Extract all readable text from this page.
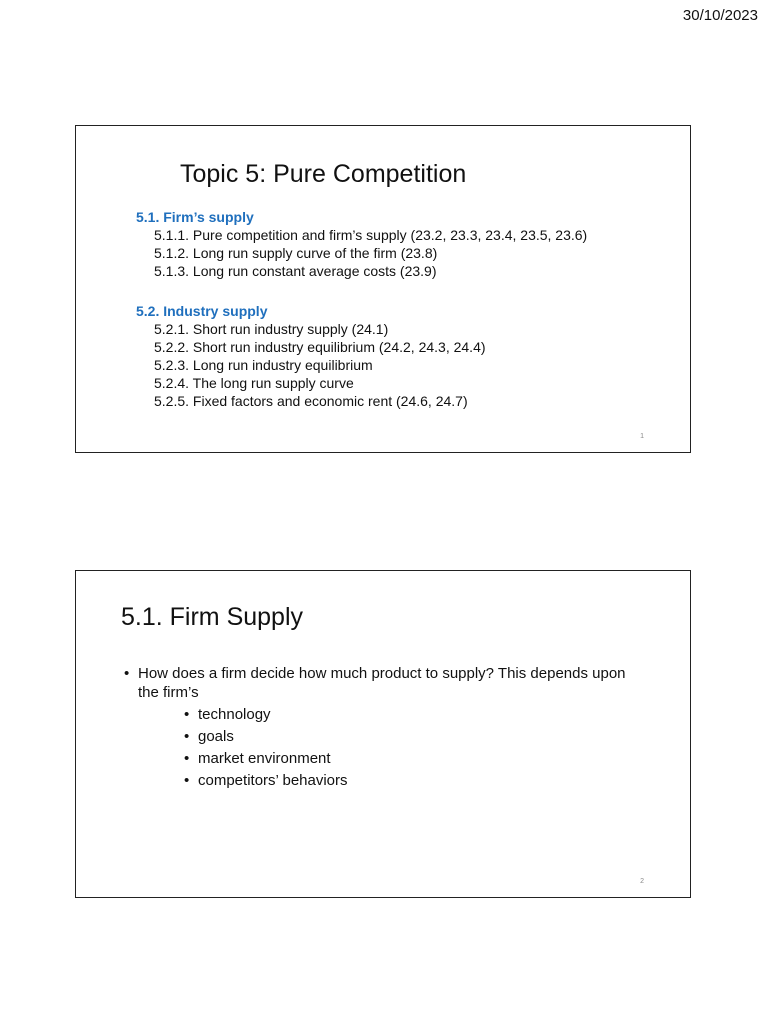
30/10/2023
Topic 5: Pure Competition
5.1. Firm’s supply
5.1.1. Pure competition and firm’s supply (23.2, 23.3, 23.4, 23.5, 23.6)
5.1.2. Long run supply curve of the firm (23.8)
5.1.3. Long run constant average costs (23.9)
5.2. Industry supply
5.2.1. Short run industry supply (24.1)
5.2.2. Short run industry equilibrium (24.2, 24.3, 24.4)
5.2.3. Long run industry equilibrium
5.2.4. The long run supply curve
5.2.5. Fixed factors and economic rent (24.6, 24.7)
1
5.1. Firm Supply
• How does a firm decide how much product to supply? This depends upon the firm’s
• technology
• goals
• market environment
• competitors’ behaviors
2
